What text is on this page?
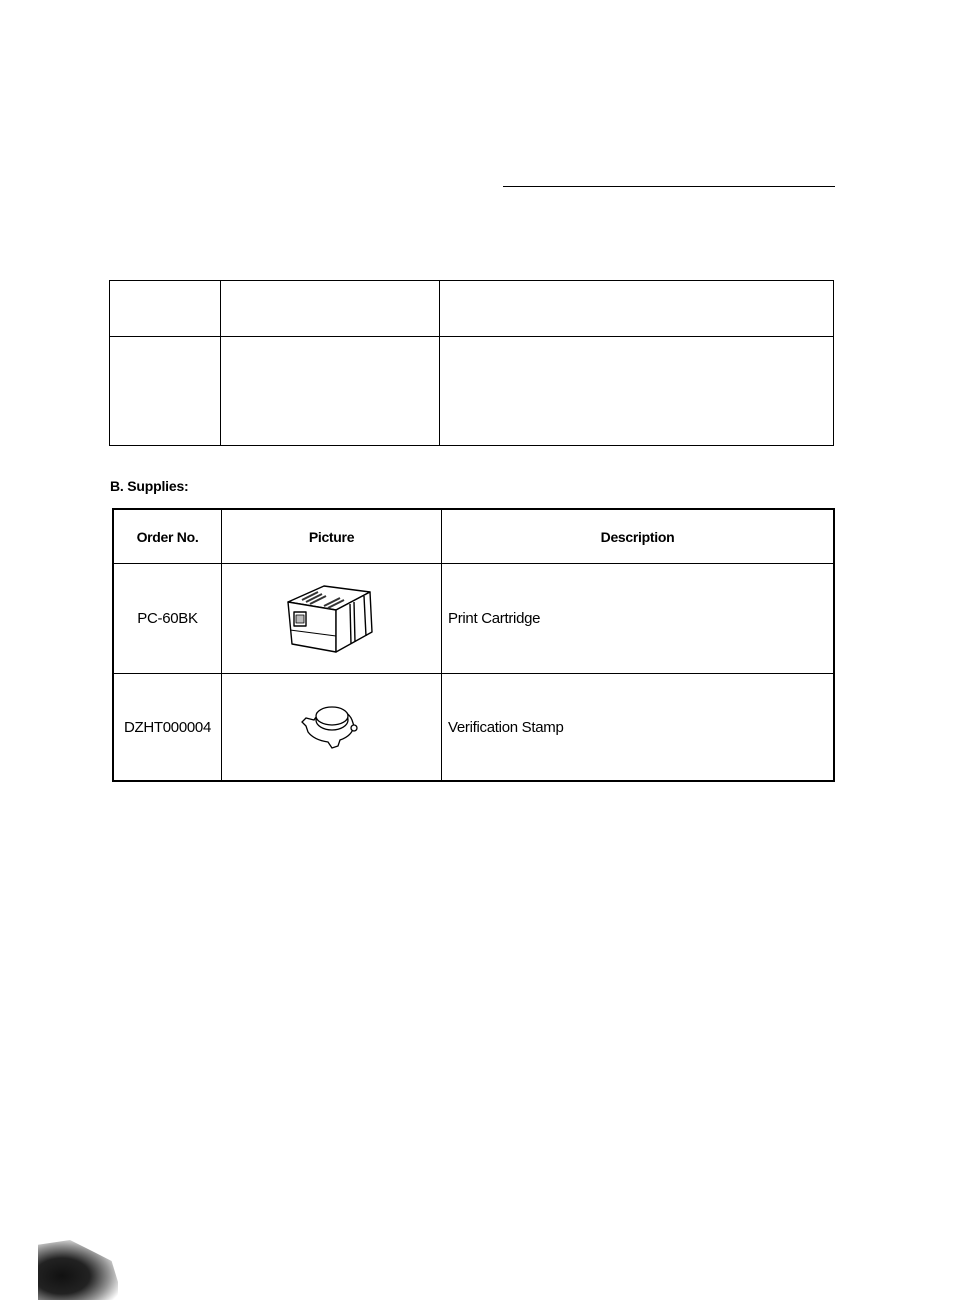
B. Supplies:
Order No.	Picture	Description
PC-60BK	Print Cartridge
DZHT000004	Verification Stamp
